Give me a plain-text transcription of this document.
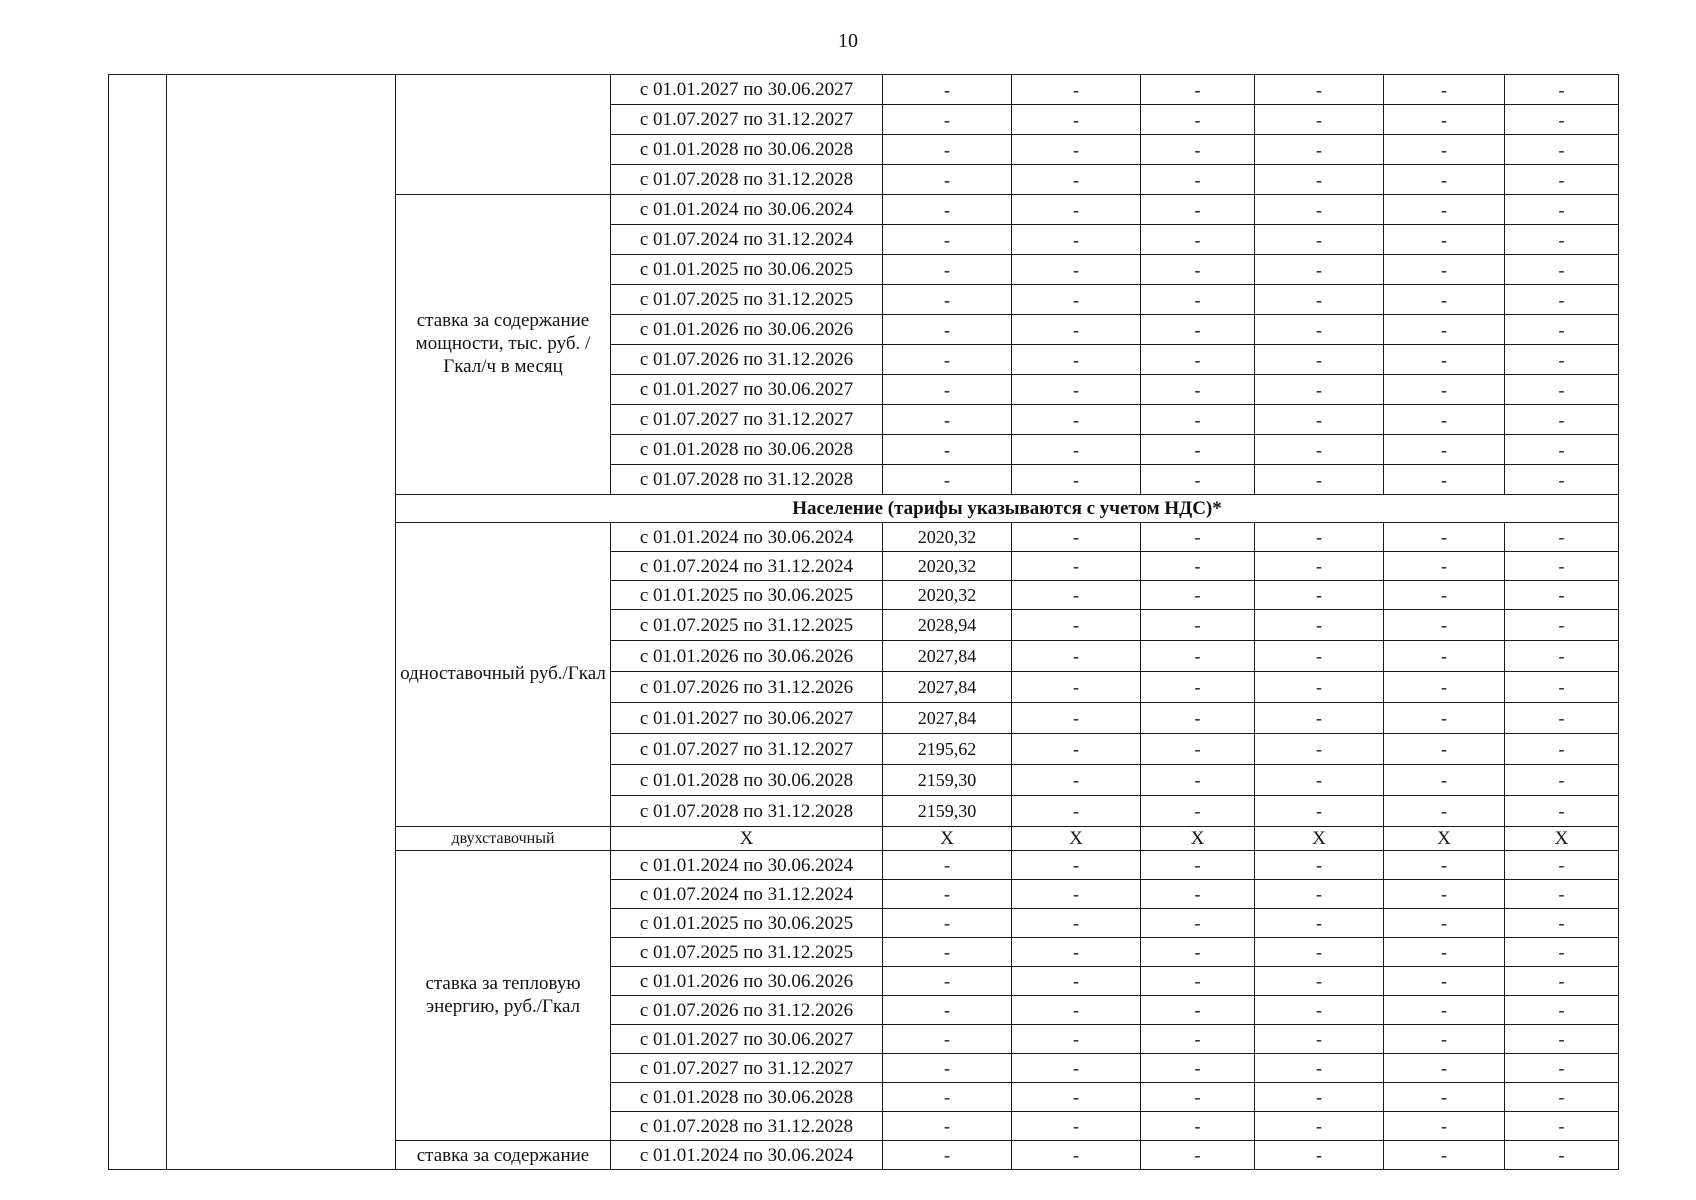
10
			с 01.01.2027 по 30.06.2027	-	-	-	-	-	-
			с 01.07.2027 по 31.12.2027	-	-	-	-	-	-
			с 01.01.2028 по 30.06.2028	-	-	-	-	-	-
			с 01.07.2028 по 31.12.2028	-	-	-	-	-	-
		ставка за содержание мощности, тыс. руб. /Гкал/ч в месяц	с 01.01.2024 по 30.06.2024	-	-	-	-	-	-
			с 01.07.2024 по 31.12.2024	-	-	-	-	-	-
			с 01.01.2025 по 30.06.2025	-	-	-	-	-	-
			с 01.07.2025 по 31.12.2025	-	-	-	-	-	-
			с 01.01.2026 по 30.06.2026	-	-	-	-	-	-
			с 01.07.2026 по 31.12.2026	-	-	-	-	-	-
			с 01.01.2027 по 30.06.2027	-	-	-	-	-	-
			с 01.07.2027 по 31.12.2027	-	-	-	-	-	-
			с 01.01.2028 по 30.06.2028	-	-	-	-	-	-
			с 01.07.2028 по 31.12.2028	-	-	-	-	-	-
		Население (тарифы указываются с учетом НДС)*							
		одноставочный руб./Гкал	с 01.01.2024 по 30.06.2024	2020,32	-	-	-	-	-
			с 01.07.2024 по 31.12.2024	2020,32	-	-	-	-	-
			с 01.01.2025 по 30.06.2025	2020,32	-	-	-	-	-
			с 01.07.2025 по 31.12.2025	2028,94	-	-	-	-	-
			с 01.01.2026 по 30.06.2026	2027,84	-	-	-	-	-
			с 01.07.2026 по 31.12.2026	2027,84	-	-	-	-	-
			с 01.01.2027 по 30.06.2027	2027,84	-	-	-	-	-
			с 01.07.2027 по 31.12.2027	2195,62	-	-	-	-	-
			с 01.01.2028 по 30.06.2028	2159,30	-	-	-	-	-
			с 01.07.2028 по 31.12.2028	2159,30	-	-	-	-	-
		двухставочный	Х	Х	Х	Х	Х	Х	Х
		ставка за тепловую энергию, руб./Гкал	с 01.01.2024 по 30.06.2024	-	-	-	-	-	-
			с 01.07.2024 по 31.12.2024	-	-	-	-	-	-
			с 01.01.2025 по 30.06.2025	-	-	-	-	-	-
			с 01.07.2025 по 31.12.2025	-	-	-	-	-	-
			с 01.01.2026 по 30.06.2026	-	-	-	-	-	-
			с 01.07.2026 по 31.12.2026	-	-	-	-	-	-
			с 01.01.2027 по 30.06.2027	-	-	-	-	-	-
			с 01.07.2027 по 31.12.2027	-	-	-	-	-	-
			с 01.01.2028 по 30.06.2028	-	-	-	-	-	-
			с 01.07.2028 по 31.12.2028	-	-	-	-	-	-
		ставка за содержание	с 01.01.2024 по 30.06.2024	-	-	-	-	-	-
